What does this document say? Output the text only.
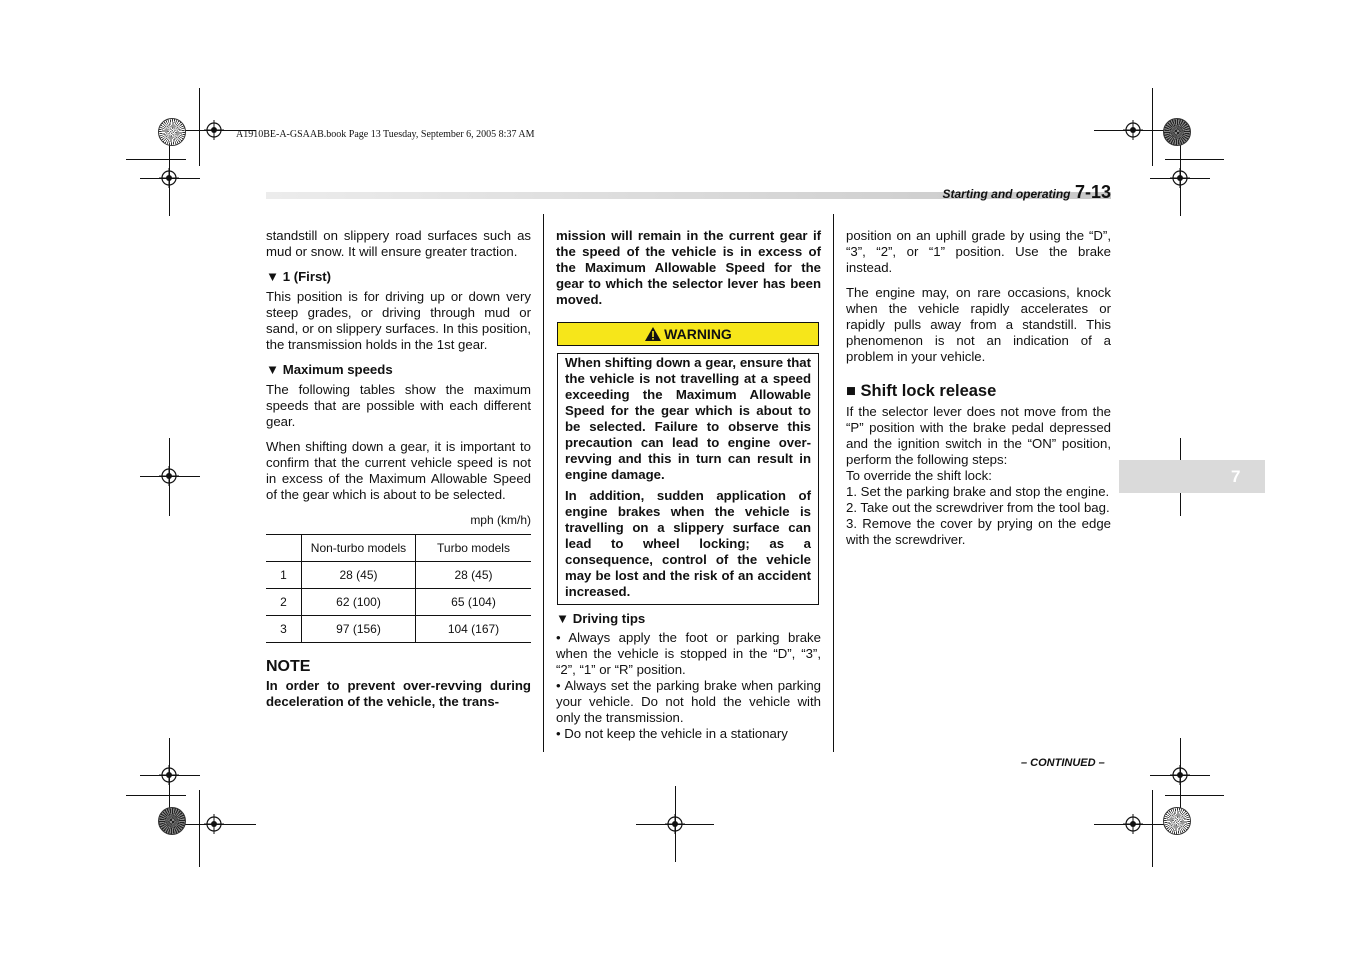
A1910BE-A-GSAAB.book Page 13 Tuesday, September 6, 2005 8:37 AM
Starting and operating 7-13

standstill on slippery road surfaces such as mud or snow. It will ensure greater traction.

▼ 1 (First)

This position is for driving up or down very steep grades, or driving through mud or sand, or on slippery surfaces. In this position, the transmission holds in the 1st gear.

▼ Maximum speeds

The following tables show the maximum speeds that are possible with each different gear.

When shifting down a gear, it is important to confirm that the current vehicle speed is not in excess of the Maximum Allowable Speed of the gear which is about to be selected.

mph (km/h)
	Non-turbo models	Turbo models
1	28 (45)	28 (45)
2	62 (100)	65 (104)
3	97 (156)	104 (167)
NOTE

In order to prevent over-revving during deceleration of the vehicle, the trans-

mission will remain in the current gear if the speed of the vehicle is in excess of the Maximum Allowable Speed for the gear to which the selector lever has been moved.

WARNING

When shifting down a gear, ensure that the vehicle is not travelling at a speed exceeding the Maximum Allowable Speed for the gear which is about to be selected. Failure to observe this precaution can lead to engine over-revving and this in turn can result in engine damage.

In addition, sudden application of engine brakes when the vehicle is travelling on a slippery surface can lead to wheel locking; as a consequence, control of the vehicle may be lost and the risk of an accident increased.

▼ Driving tips

• Always apply the foot or parking brake when the vehicle is stopped in the “D”, “3”, “2”, “1” or “R” position.

• Always set the parking brake when parking your vehicle. Do not hold the vehicle with only the transmission.

• Do not keep the vehicle in a stationary

position on an uphill grade by using the “D”, “3”, “2”, or “1” position. Use the brake instead.

The engine may, on rare occasions, knock when the vehicle rapidly accelerates or rapidly pulls away from a standstill. This phenomenon is not an indication of a problem in your vehicle.

■ Shift lock release

If the selector lever does not move from the “P” position with the brake pedal depressed and the ignition switch in the “ON” position, perform the following steps:

To override the shift lock:

1. Set the parking brake and stop the engine.

2. Take out the screwdriver from the tool bag.

3. Remove the cover by prying on the edge with the screwdriver.

7
– CONTINUED –
